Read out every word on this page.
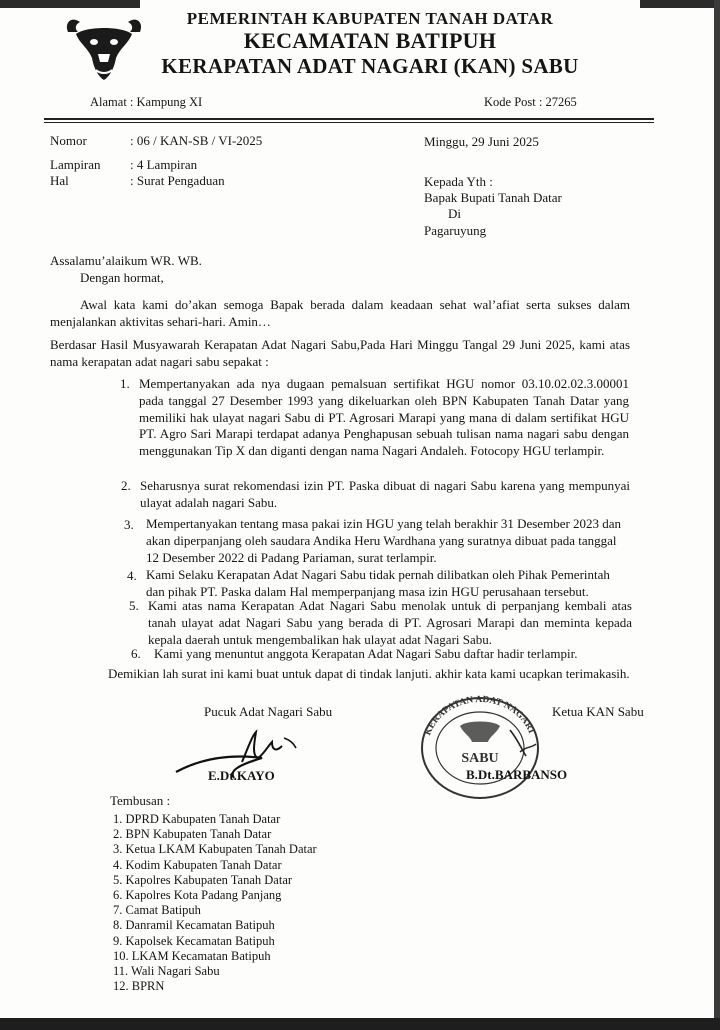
PEMERINTAH KABUPATEN TANAH DATAR
KECAMATAN BATIPUH
KERAPATAN ADAT NAGARI (KAN) SABU
Alamat : Kampung XI	Kode Post : 27265
Nomor	: 06 / KAN-SB / VI-2025	Minggu, 29 Juni 2025
Lampiran : 4 Lampiran
Hal	: Surat Pengaduan	Kepada Yth :
Bapak Bupati Tanah Datar
Di
Pagaruyung
Assalamu’alaikum WR. WB.
Dengan hormat,
Awal kata kami do’akan semoga Bapak berada dalam keadaan sehat wal’afiat serta sukses dalam menjalankan aktivitas sehari-hari. Amin…
Berdasar Hasil Musyawarah Kerapatan Adat Nagari Sabu,Pada Hari Minggu Tangal 29 Juni 2025, kami atas nama kerapatan adat nagari sabu sepakat :
1. Mempertanyakan ada nya dugaan pemalsuan sertifikat HGU nomor 03.10.02.02.3.00001 pada tanggal 27 Desember 1993 yang dikeluarkan oleh BPN Kabupaten Tanah Datar yang memiliki hak ulayat nagari Sabu di PT. Agrosari Marapi yang mana di dalam sertifikat HGU PT. Agro Sari Marapi terdapat adanya Penghapusan sebuah tulisan nama nagari sabu dengan menggunakan Tip X dan diganti dengan nama Nagari Andaleh. Fotocopy HGU terlampir.
2. Seharusnya surat rekomendasi izin PT. Paska dibuat di nagari Sabu karena yang mempunyai ulayat adalah nagari Sabu.
3. Mempertanyakan tentang masa pakai izin HGU yang telah berakhir 31 Desember 2023 dan akan diperpanjang oleh saudara Andika Heru Wardhana yang suratnya dibuat pada tanggal 12 Desember 2022 di Padang Pariaman, surat terlampir.
4. Kami Selaku Kerapatan Adat Nagari Sabu tidak pernah dilibatkan oleh Pihak Pemerintah dan pihak PT. Paska dalam Hal memperpanjang masa izin HGU perusahaan tersebut.
5. Kami atas nama Kerapatan Adat Nagari Sabu menolak untuk di perpanjang kembali atas tanah ulayat adat Nagari Sabu yang berada di PT. Agrosari Marapi dan meminta kepada kepala daerah untuk mengembalikan hak ulayat adat Nagari Sabu.
6. Kami yang menuntut anggota Kerapatan Adat Nagari Sabu daftar hadir terlampir.
Demikian lah surat ini kami buat untuk dapat di tindak lanjuti. akhir kata kami ucapkan terimakasih.
Pucuk Adat Nagari Sabu
E.Dt.KAYO
KERAPATAN ADAT NAGARI
SABU
Ketua KAN Sabu
B.Dt.BARBANSO
Tembusan :
1. DPRD Kabupaten Tanah Datar
2. BPN Kabupaten Tanah Datar
3. Ketua LKAM Kabupaten Tanah Datar
4. Kodim Kabupaten Tanah Datar
5. Kapolres Kabupaten Tanah Datar
6. Kapolres Kota Padang Panjang
7. Camat Batipuh
8. Danramil Kecamatan Batipuh
9. Kapolsek Kecamatan Batipuh
10. LKAM Kecamatan Batipuh
11. Wali Nagari Sabu
12. BPRN
